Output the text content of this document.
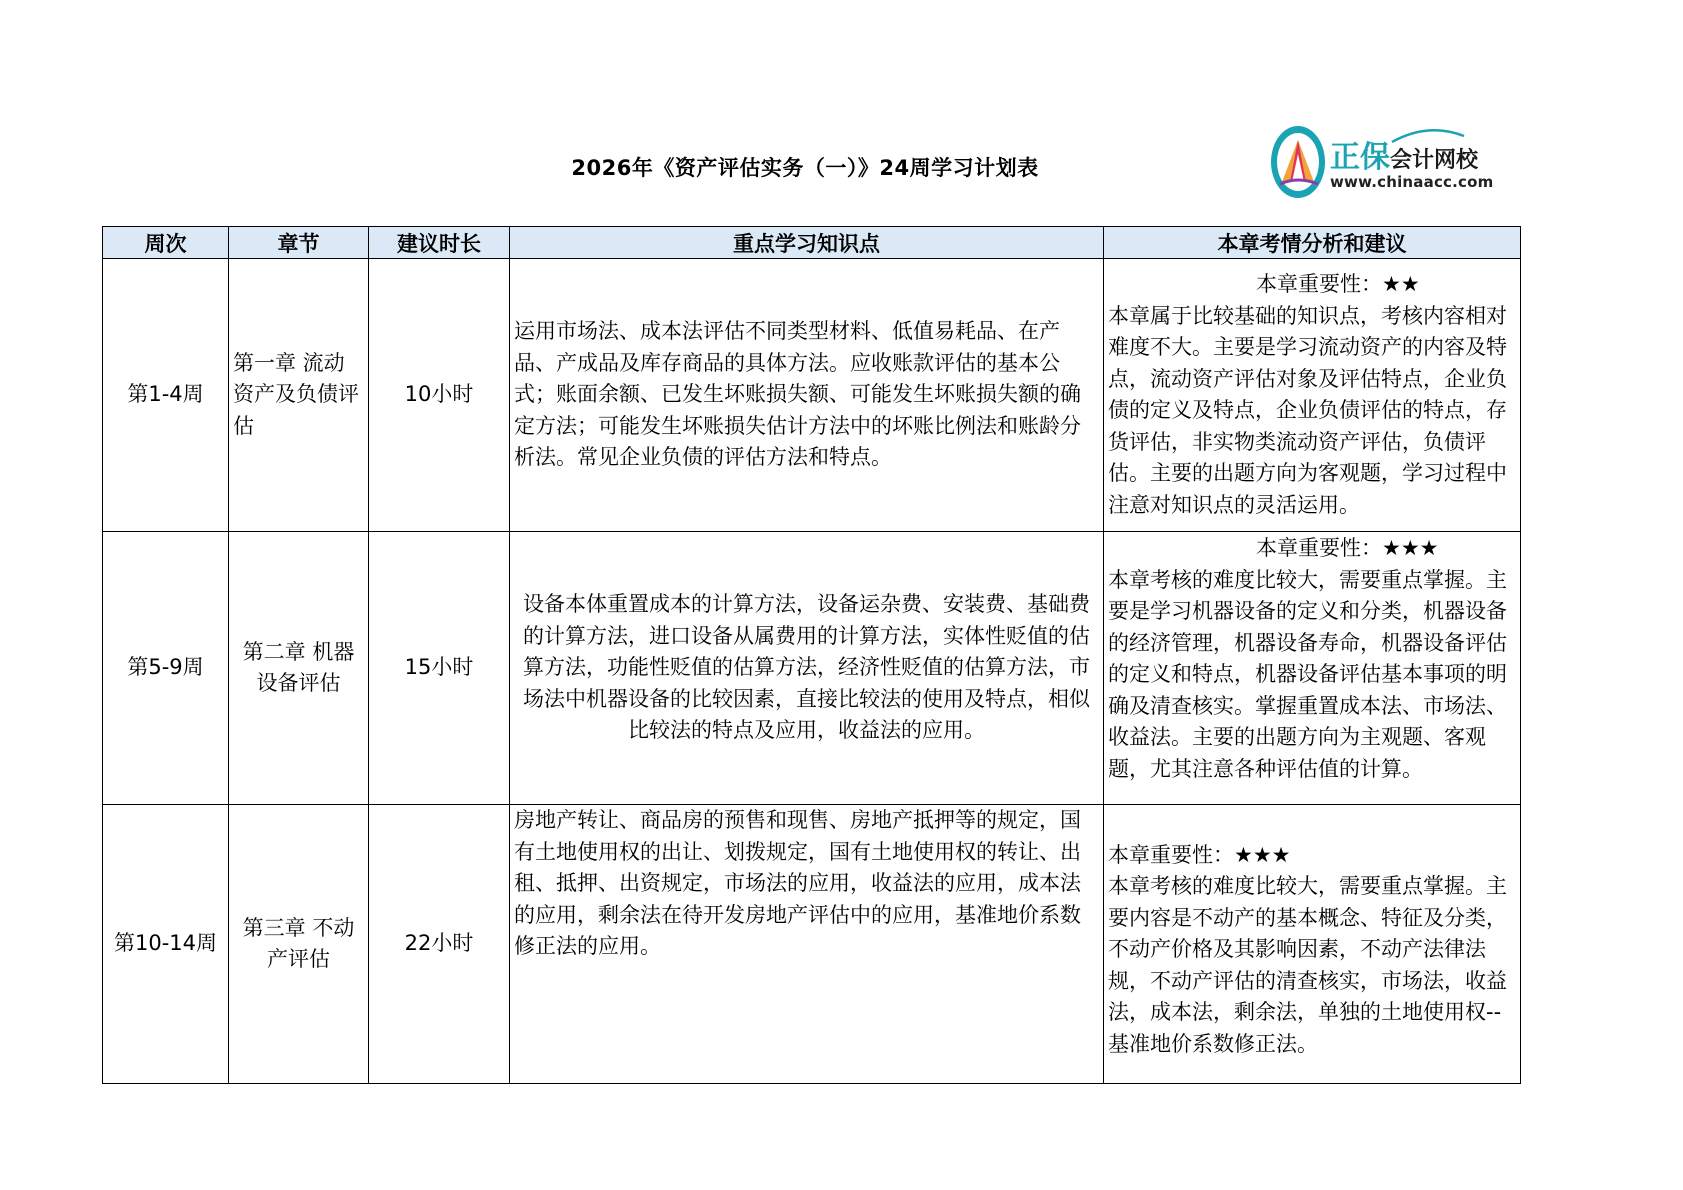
2026年《资产评估实务（一）》24周学习计划表	正保会计网校
www.chinaacc.com
周次	章节	建议时长	重点学习知识点	本章考情分析和建议
第1-4周	第一章 流动资产及负债评估	10小时	运用市场法、成本法评估不同类型材料、低值易耗品、在产品、产成品及库存商品的具体方法。应收账款评估的基本公式；账面余额、已发生坏账损失额、可能发生坏账损失额的确定方法；可能发生坏账损失估计方法中的坏账比例法和账龄分析法。常见企业负债的评估方法和特点。	本章重要性：★★
本章属于比较基础的知识点，考核内容相对难度不大。主要是学习流动资产的内容及特点，流动资产评估对象及评估特点，企业负债的定义及特点，企业负债评估的特点，存货评估，非实物类流动资产评估，负债评估。主要的出题方向为客观题，学习过程中注意对知识点的灵活运用。
第5-9周	第二章 机器设备评估	15小时	设备本体重置成本的计算方法，设备运杂费、安装费、基础费的计算方法，进口设备从属费用的计算方法，实体性贬值的估算方法，功能性贬值的估算方法，经济性贬值的估算方法，市场法中机器设备的比较因素，直接比较法的使用及特点，相似比较法的特点及应用，收益法的应用。	本章重要性：★★★
本章考核的难度比较大，需要重点掌握。主要是学习机器设备的定义和分类，机器设备的经济管理，机器设备寿命，机器设备评估的定义和特点，机器设备评估基本事项的明确及清查核实。掌握重置成本法、市场法、收益法。主要的出题方向为主观题、客观题，尤其注意各种评估值的计算。

第10-14周	第三章 不动产评估	22小时	房地产转让、商品房的预售和现售、房地产抵押等的规定，国有土地使用权的出让、划拨规定，国有土地使用权的转让、出租、抵押、出资规定，市场法的应用，收益法的应用，成本法的应用，剩余法在待开发房地产评估中的应用，基准地价系数修正法的应用。	本章重要性：★★★
本章考核的难度比较大，需要重点掌握。主要内容是不动产的基本概念、特征及分类，不动产价格及其影响因素，不动产法律法规，不动产评估的清查核实，市场法，收益法，成本法，剩余法，单独的土地使用权--基准地价系数修正法。
